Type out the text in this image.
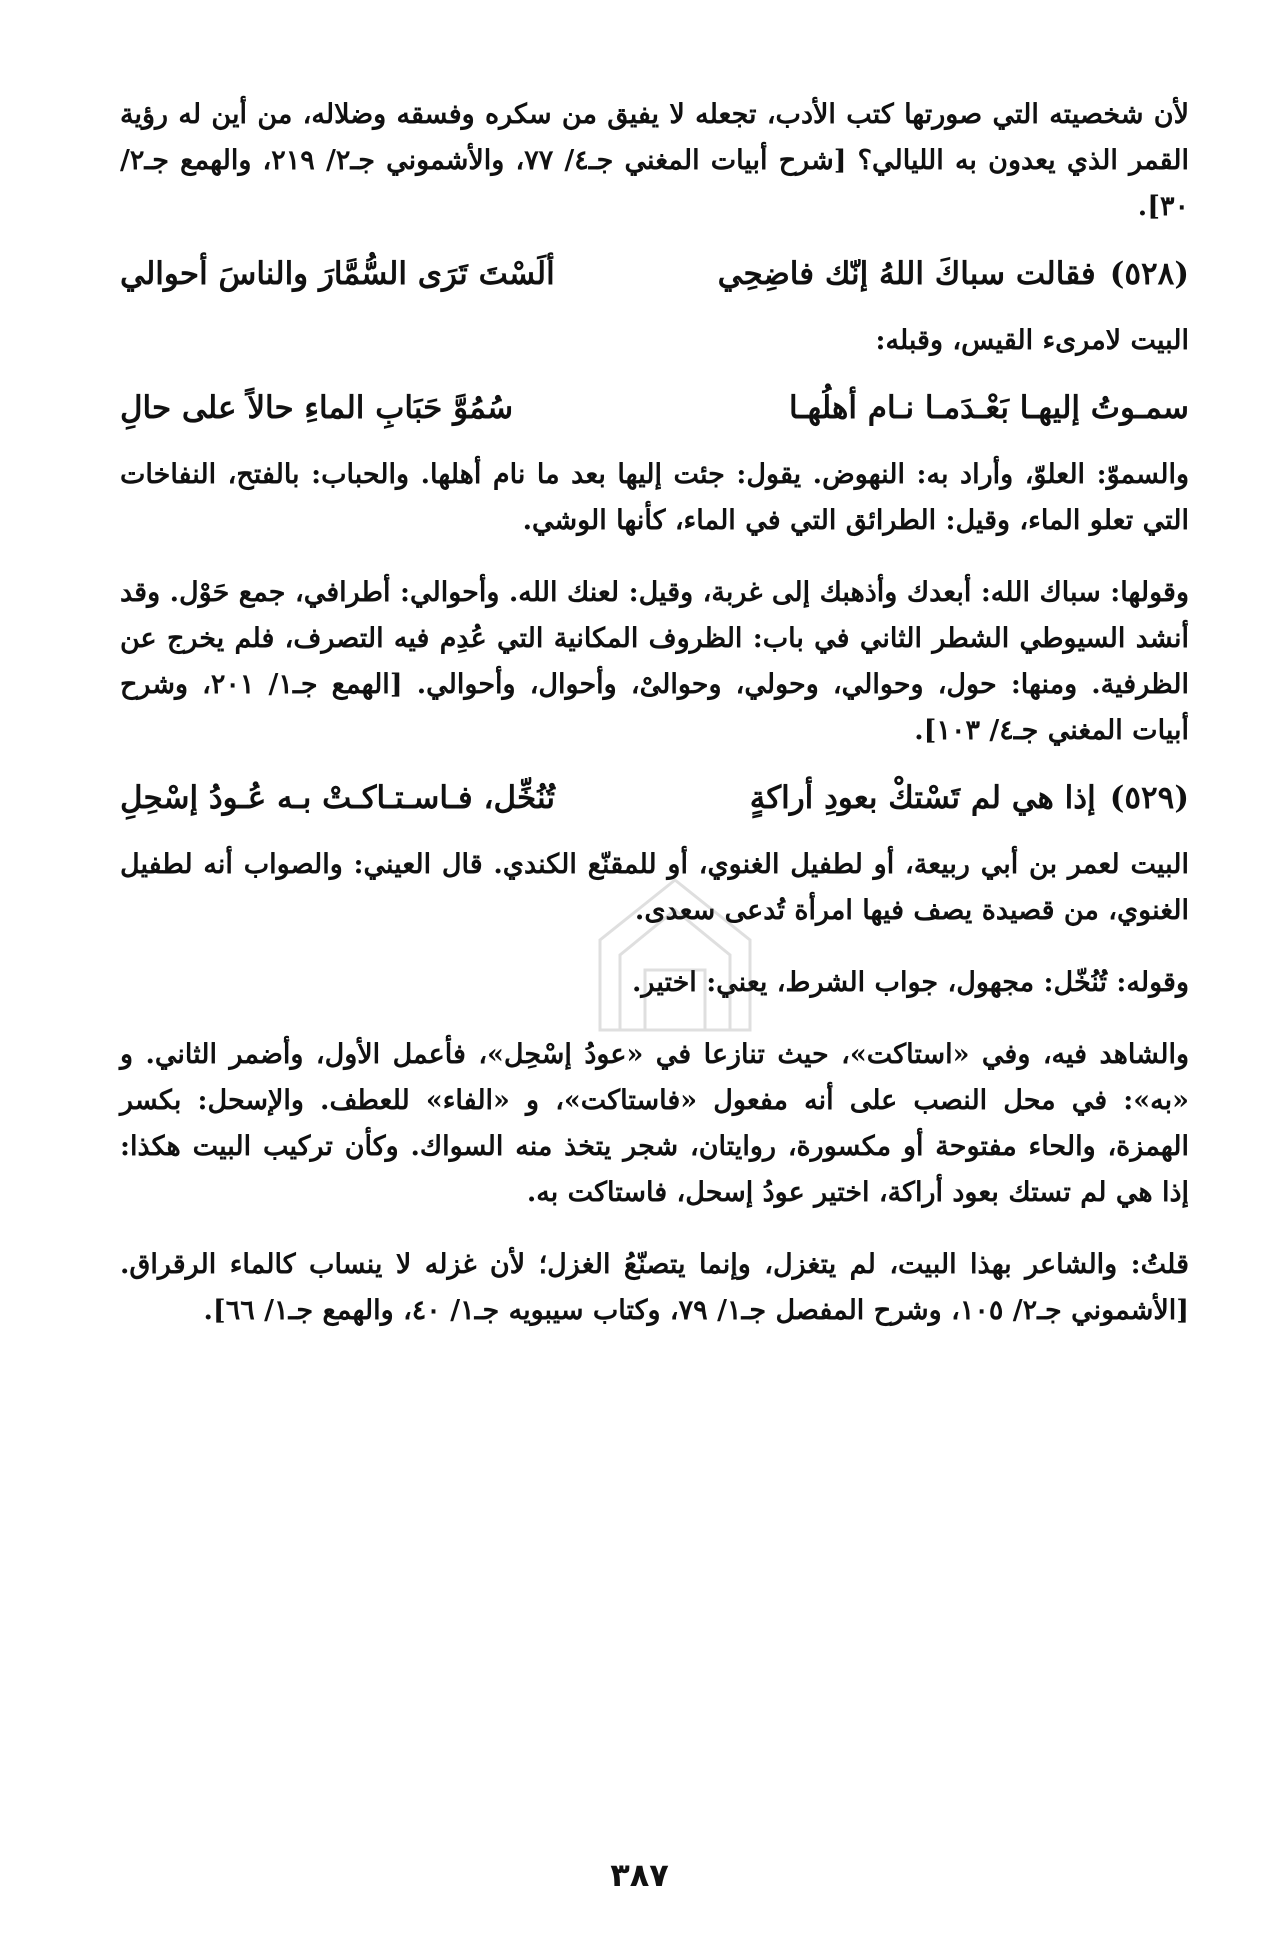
لأن شخصيته التي صورتها كتب الأدب، تجعله لا يفيق من سكره وفسقه وضلاله، من أين له رؤية القمر الذي يعدون به الليالي؟ [شرح أبيات المغني جـ٤/ ٧٧، والأشموني جـ٢/ ٢١٩، والهمع جـ٢/ ٣٠].

(٥٢٨)فقالت سباكَ اللهُ إنّك فاضِحِي
ألَسْتَ تَرَى السُّمَّارَ والناسَ أحوالي

البيت لامرىء القيس، وقبله:

سمـوتُ إليهـا بَعْـدَمـا نـام أهلُهـا
سُمُوَّ حَبَابِ الماءِ حالاً على حالِ

والسموّ: العلوّ، وأراد به: النهوض. يقول: جئت إليها بعد ما نام أهلها. والحباب: بالفتح، النفاخات التي تعلو الماء، وقيل: الطرائق التي في الماء، كأنها الوشي.

وقولها: سباك الله: أبعدك وأذهبك إلى غربة، وقيل: لعنك الله. وأحوالي: أطرافي، جمع حَوْل. وقد أنشد السيوطي الشطر الثاني في باب: الظروف المكانية التي عُدِم فيه التصرف، فلم يخرج عن الظرفية. ومنها: حول، وحوالي، وحولي، وحوالىْ، وأحوال، وأحوالي. [الهمع جـ١/ ٢٠١، وشرح أبيات المغني جـ٤/ ١٠٣].

(٥٢٩)إذا هي لم تَسْتكْ بعودِ أراكةٍ
تُنُخِّل، فـاسـتـاكـتْ بـه عُـودُ إسْحِلِ

البيت لعمر بن أبي ربيعة، أو لطفيل الغنوي، أو للمقنّع الكندي. قال العيني: والصواب أنه لطفيل الغنوي، من قصيدة يصف فيها امرأة تُدعى سعدى.

وقوله: تُنُخّل: مجهول، جواب الشرط، يعني: اختير.

والشاهد فيه، وفي «استاكت»، حيث تنازعا في «عودُ إسْحِل»، فأعمل الأول، وأضمر الثاني. و «به»: في محل النصب على أنه مفعول «فاستاكت»، و «الفاء» للعطف. والإسحل: بكسر الهمزة، والحاء مفتوحة أو مكسورة، روايتان، شجر يتخذ منه السواك. وكأن تركيب البيت هكذا: إذا هي لم تستك بعود أراكة، اختير عودُ إسحل، فاستاكت به.

قلتُ: والشاعر بهذا البيت، لم يتغزل، وإنما يتصنّعُ الغزل؛ لأن غزله لا ينساب كالماء الرقراق. [الأشموني جـ٢/ ١٠٥، وشرح المفصل جـ١/ ٧٩، وكتاب سيبويه جـ١/ ٤٠، والهمع جـ١/ ٦٦].

٣٨٧
